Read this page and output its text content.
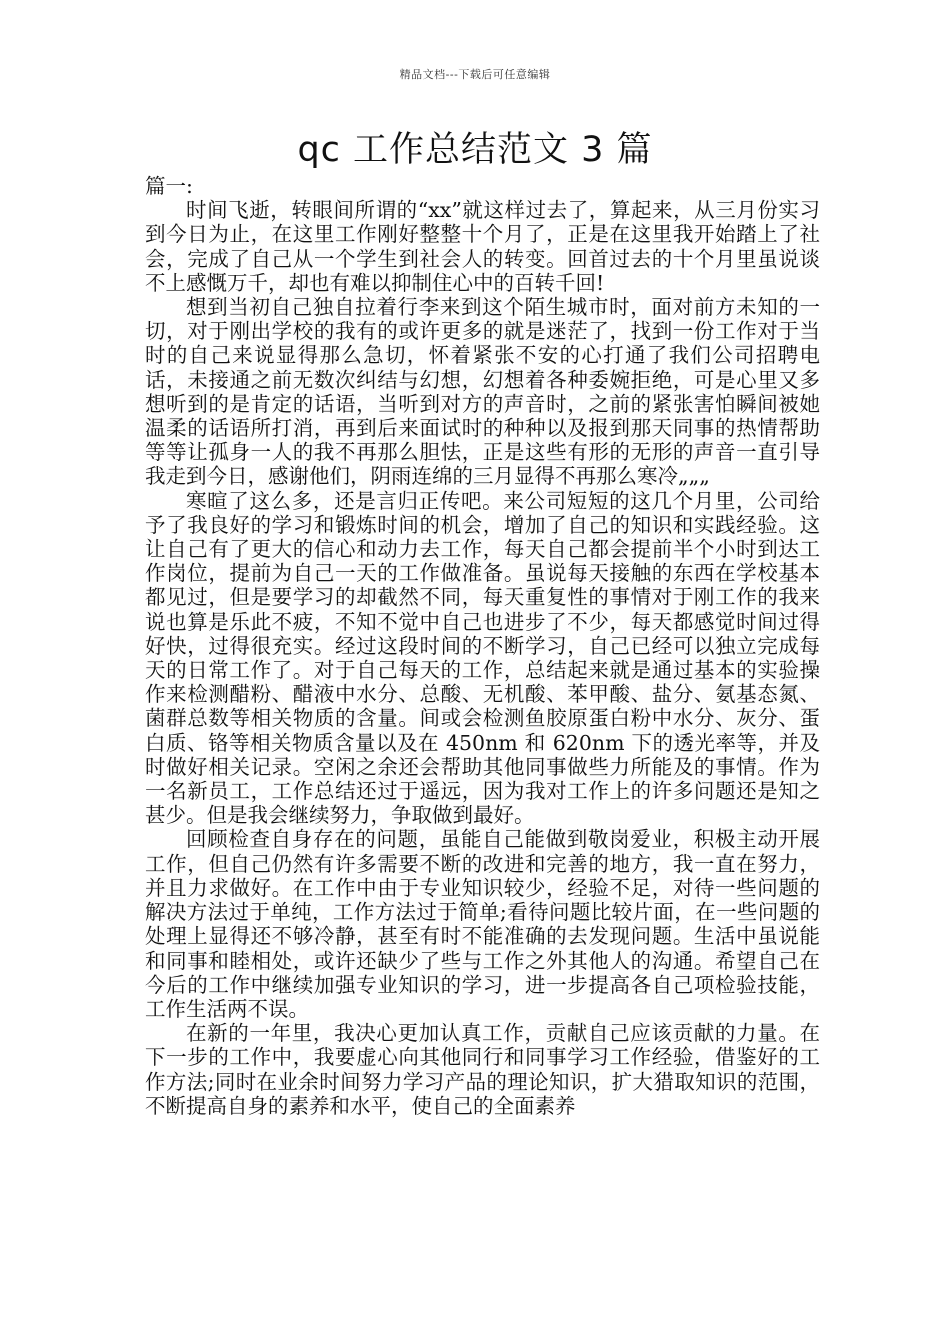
精品文档---下载后可任意编辑
qc 工作总结范文 3 篇

篇一:

时间飞逝，转眼间所谓的“xx”就这样过去了，算起来，从三月份实习到今日为止，在这里工作刚好整整十个月了，正是在这里我开始踏上了社会，完成了自己从一个学生到社会人的转变。回首过去的十个月里虽说谈不上感慨万千，却也有难以抑制住心中的百转千回!

想到当初自己独自拉着行李来到这个陌生城市时，面对前方未知的一切，对于刚出学校的我有的或许更多的就是迷茫了，找到一份工作对于当时的自己来说显得那么急切，怀着紧张不安的心打通了我们公司招聘电话，未接通之前无数次纠结与幻想，幻想着各种委婉拒绝，可是心里又多想听到的是肯定的话语，当听到对方的声音时，之前的紧张害怕瞬间被她温柔的话语所打消，再到后来面试时的种种以及报到那天同事的热情帮助等等让孤身一人的我不再那么胆怯，正是这些有形的无形的声音一直引导我走到今日，感谢他们，阴雨连绵的三月显得不再那么寒冷„„„

寒暄了这么多，还是言归正传吧。来公司短短的这几个月里，公司给予了我良好的学习和锻炼时间的机会，增加了自己的知识和实践经验。这让自己有了更大的信心和动力去工作，每天自己都会提前半个小时到达工作岗位，提前为自己一天的工作做准备。虽说每天接触的东西在学校基本都见过，但是要学习的却截然不同，每天重复性的事情对于刚工作的我来说也算是乐此不疲，不知不觉中自己也进步了不少，每天都感觉时间过得好快，过得很充实。经过这段时间的不断学习，自己已经可以独立完成每天的日常工作了。对于自己每天的工作，总结起来就是通过基本的实验操作来检测醋粉、醋液中水分、总酸、无机酸、苯甲酸、盐分、氨基态氮、菌群总数等相关物质的含量。间或会检测鱼胶原蛋白粉中水分、灰分、蛋白质、铬等相关物质含量以及在 450nm 和 620nm 下的透光率等，并及时做好相关记录。空闲之余还会帮助其他同事做些力所能及的事情。作为一名新员工，工作总结还过于遥远，因为我对工作上的许多问题还是知之甚少。但是我会继续努力，争取做到最好。

回顾检查自身存在的问题，虽能自己能做到敬岗爱业，积极主动开展工作，但自己仍然有许多需要不断的改进和完善的地方，我一直在努力，并且力求做好。在工作中由于专业知识较少，经验不足，对待一些问题的解决方法过于单纯，工作方法过于简单;看待问题比较片面，在一些问题的处理上显得还不够冷静，甚至有时不能准确的去发现问题。生活中虽说能和同事和睦相处，或许还缺少了些与工作之外其他人的沟通。希望自己在今后的工作中继续加强专业知识的学习，进一步提高各自己项检验技能，工作生活两不误。

在新的一年里，我决心更加认真工作，贡献自己应该贡献的力量。在下一步的工作中，我要虚心向其他同行和同事学习工作经验，借鉴好的工作方法;同时在业余时间努力学习产品的理论知识，扩大猎取知识的范围，不断提高自身的素养和水平，使自己的全面素养
